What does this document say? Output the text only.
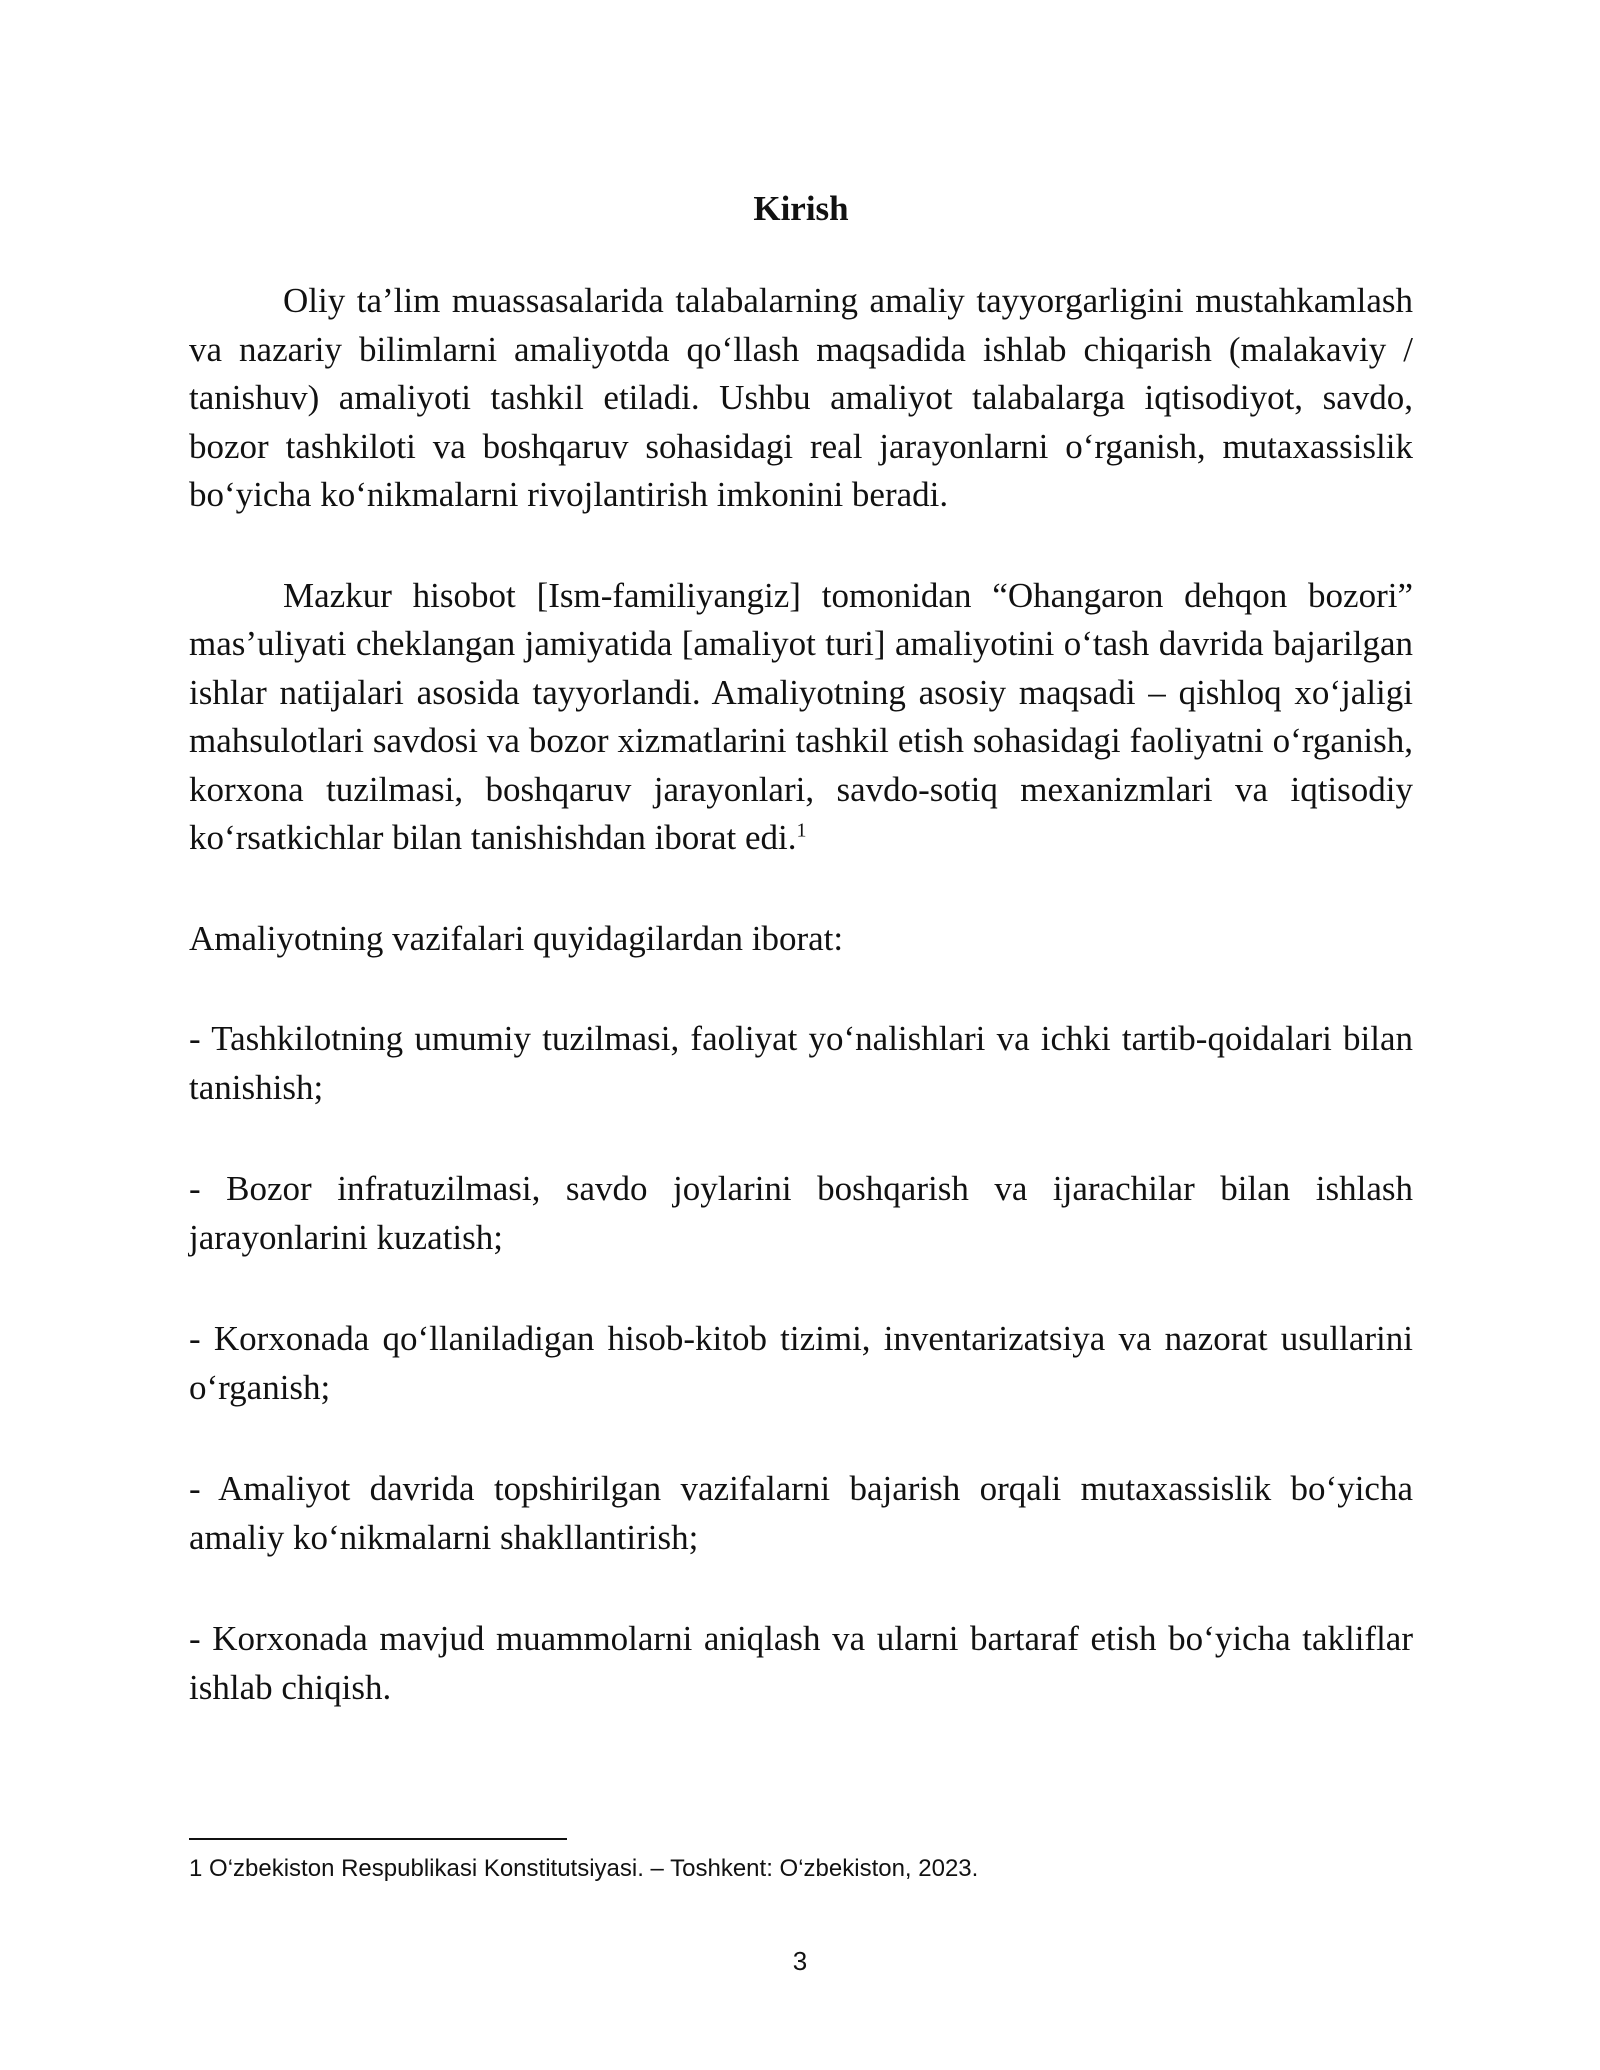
Kirish

Oliy ta’lim muassasalarida talabalarning amaliy tayyorgarligini mustahkamlash va nazariy bilimlarni amaliyotda qo‘llash maqsadida ishlab chiqarish (malakaviy / tanishuv) amaliyoti tashkil etiladi. Ushbu amaliyot talabalarga iqtisodiyot, savdo, bozor tashkiloti va boshqaruv sohasidagi real jarayonlarni o‘rganish, mutaxassislik bo‘yicha ko‘nikmalarni rivojlantirish imkonini beradi.

Mazkur hisobot [Ism-familiyangiz] tomonidan “Ohangaron dehqon bozori” mas’uliyati cheklangan jamiyatida [amaliyot turi] amaliyotini o‘tash davrida bajarilgan ishlar natijalari asosida tayyorlandi. Amaliyotning asosiy maqsadi – qishloq xo‘jaligi mahsulotlari savdosi va bozor xizmatlarini tashkil etish sohasidagi faoliyatni o‘rganish, korxona tuzilmasi, boshqaruv jarayonlari, savdo-sotiq mexanizmlari va iqtisodiy ko‘rsatkichlar bilan tanishishdan iborat edi.$^1$

Amaliyotning vazifalari quyidagilardan iborat:

- Tashkilotning umumiy tuzilmasi, faoliyat yo‘nalishlari va ichki tartib-qoidalari bilan tanishish;

- Bozor infratuzilmasi, savdo joylarini boshqarish va ijarachilar bilan ishlash jarayonlarini kuzatish;

- Korxonada qo‘llaniladigan hisob-kitob tizimi, inventarizatsiya va nazorat usullarini o‘rganish;

- Amaliyot davrida topshirilgan vazifalarni bajarish orqali mutaxassislik bo‘yicha amaliy ko‘nikmalarni shakllantirish;

- Korxonada mavjud muammolarni aniqlash va ularni bartaraf etish bo‘yicha takliflar ishlab chiqish.

1 O‘zbekiston Respublikasi Konstitutsiyasi. – Toshkent: O‘zbekiston, 2023.
3
